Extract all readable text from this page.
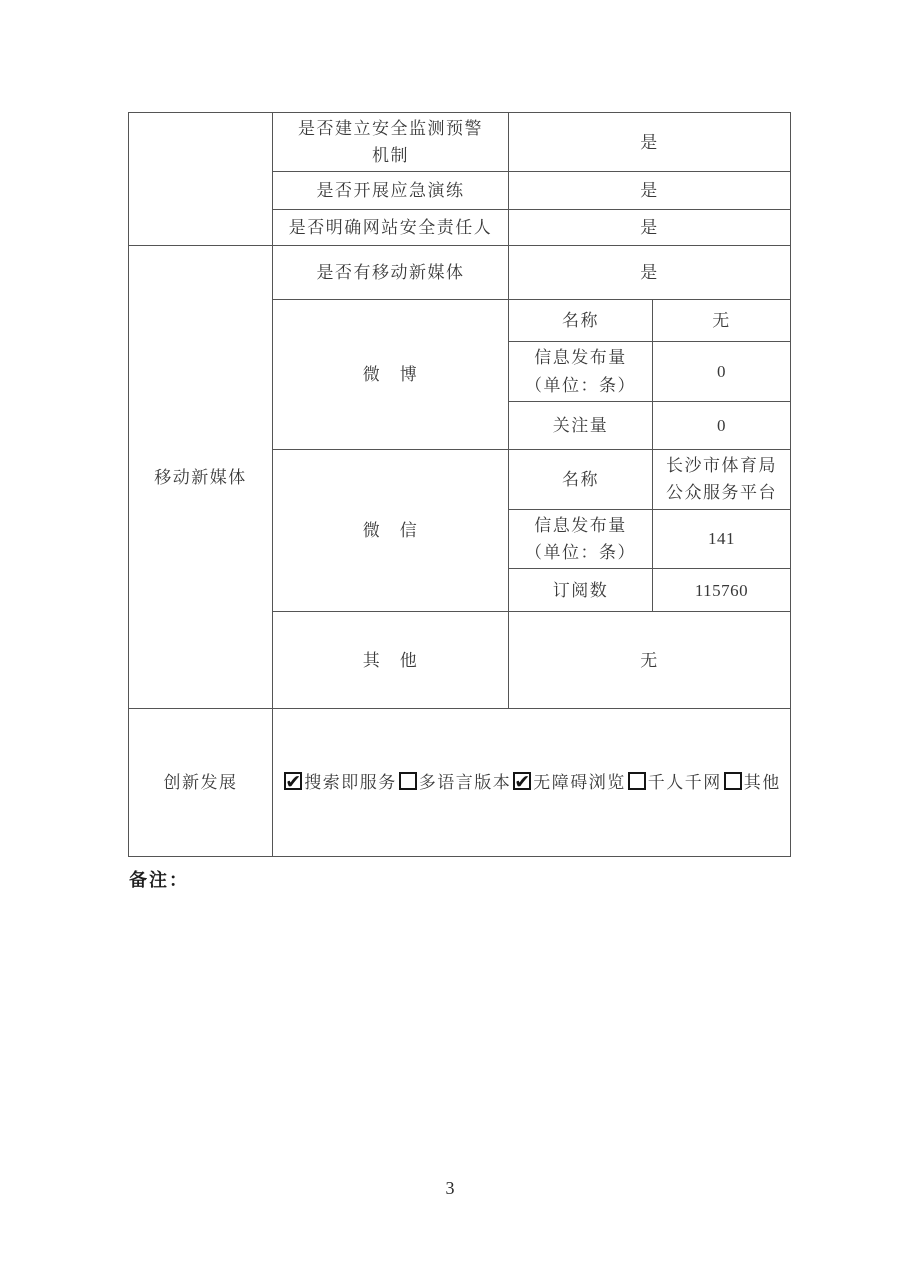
	是否建立安全监测预警
机制	是	

	是否开展应急演练	是	

	是否明确网站安全责任人	是	
移动新媒体	是否有移动新媒体	是	
	微　博	名称	无

		信息发布量
（单位：条）	0

		关注量	0

	微　信	名称	长沙市体育局
公众服务平台

		信息发布量
（单位：条）	141

		订阅数	115760

	其　他	无	
创新发展	✔搜索即服务 多语言版本 ✔ 无障碍浏览 千人千网 其他
备注：
3
